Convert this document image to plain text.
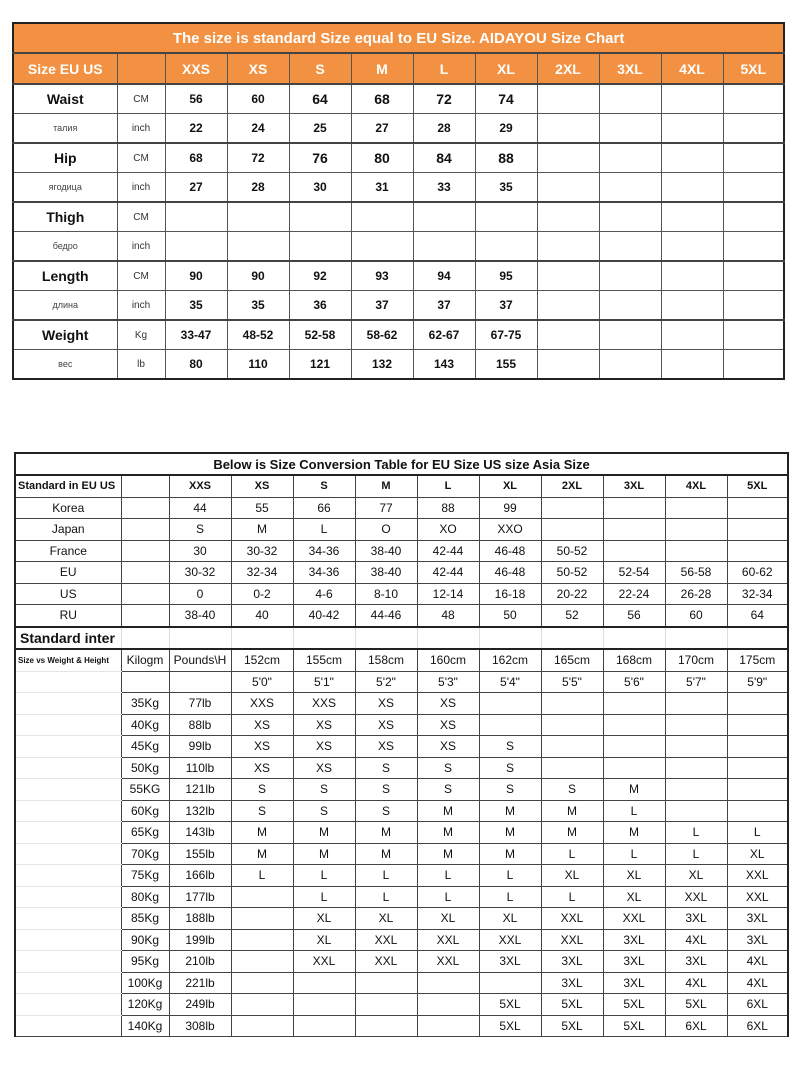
The size is standard Size equal to EU Size. AIDAYOU Size Chart											
Size EU US		XXS	XS	S	M	L	XL	2XL	3XL	4XL	5XL
Waist	CM	56	60	64	68	72	74				
талия	inch	22	24	25	27	28	29				
Hip	CM	68	72	76	80	84	88				
ягодица	inch	27	28	30	31	33	35				
Thigh	CM										
бедро	inch										
Length	CM	90	90	92	93	94	95				
длина	inch	35	35	36	37	37	37				
Weight	Kg	33-47	48-52	52-58	58-62	62-67	67-75				
вес	lb	80	110	121	132	143	155				
Below is Size Conversion Table for EU Size US size Asia Size											
Standard in EU US		XXS	XS	S	M	L	XL	2XL	3XL	4XL	5XL
Korea		44	55	66	77	88	99				
Japan		S	M	L	O	XO	XXO				
France		30	30-32	34-36	38-40	42-44	46-48	50-52			
EU		30-32	32-34	34-36	38-40	42-44	46-48	50-52	52-54	56-58	60-62
US		0	0-2	4-6	8-10	12-14	16-18	20-22	22-24	26-28	32-34
RU		38-40	40	40-42	44-46	48	50	52	56	60	64
Standard inter											
Size vs Weight & Height	Kilogm	Pounds\H	152cm	155cm	158cm	160cm	162cm	165cm	168cm	170cm	175cm
			5'0"	5'1"	5'2"	5'3"	5'4"	5'5"	5'6"	5'7"	5'9"
	35Kg	77lb	XXS	XXS	XS	XS					
	40Kg	88lb	XS	XS	XS	XS					
	45Kg	99lb	XS	XS	XS	XS	S				
	50Kg	110lb	XS	XS	S	S	S				
	55KG	121lb	S	S	S	S	S	S	M		
	60Kg	132lb	S	S	S	M	M	M	L		
	65Kg	143lb	M	M	M	M	M	M	M	L	L
	70Kg	155lb	M	M	M	M	M	L	L	L	XL
	75Kg	166lb	L	L	L	L	L	XL	XL	XL	XXL
	80Kg	177lb		L	L	L	L	L	XL	XXL	XXL
	85Kg	188lb		XL	XL	XL	XL	XXL	XXL	3XL	3XL
	90Kg	199lb		XL	XXL	XXL	XXL	XXL	3XL	4XL	3XL
	95Kg	210lb		XXL	XXL	XXL	3XL	3XL	3XL	3XL	4XL
	100Kg	221lb						3XL	3XL	4XL	4XL
	120Kg	249lb					5XL	5XL	5XL	5XL	6XL
	140Kg	308lb					5XL	5XL	5XL	6XL	6XL
